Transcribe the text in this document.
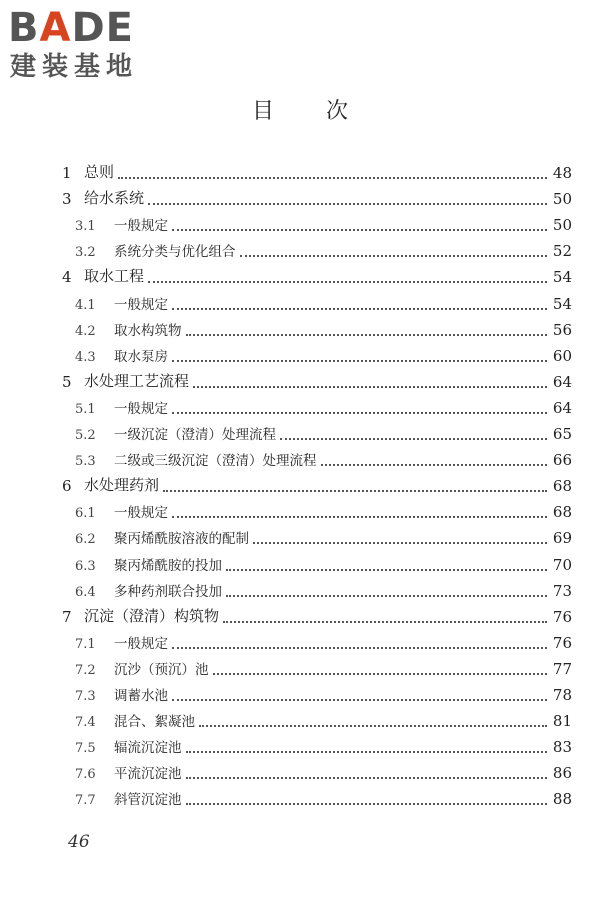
BADE
建装基地
目次
1 总则	48
3 给水系统	50
3.1 一般规定	50
3.2 系统分类与优化组合	52
4 取水工程	54
4.1 一般规定	54
4.2 取水构筑物	56
4.3 取水泵房	60
5 水处理工艺流程	64
5.1 一般规定	64
5.2 一级沉淀（澄清）处理流程	65
5.3 二级或三级沉淀（澄清）处理流程	66
6 水处理药剂	68
6.1 一般规定	68
6.2 聚丙烯酰胺溶液的配制	69
6.3 聚丙烯酰胺的投加	70
6.4 多种药剂联合投加	73
7 沉淀（澄清）构筑物	76
7.1 一般规定	76
7.2 沉沙（预沉）池	77
7.3 调蓄水池	78
7.4 混合、絮凝池	81
7.5 辐流沉淀池	83
7.6 平流沉淀池	86
7.7 斜管沉淀池	88
46
